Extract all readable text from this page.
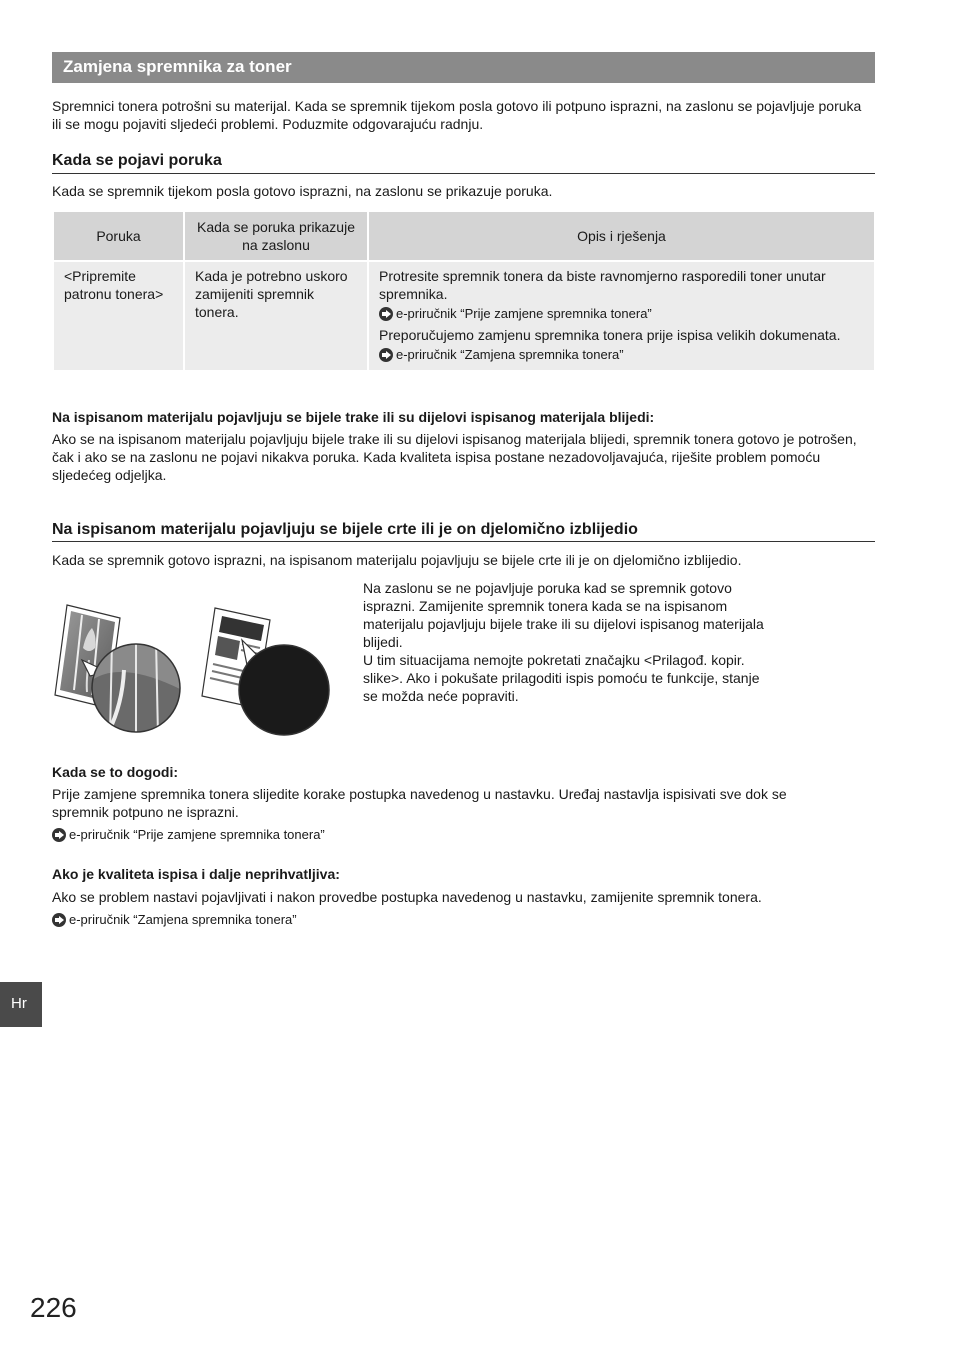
Zamjena spremnika za toner

Spremnici tonera potrošni su materijal. Kada se spremnik tijekom posla gotovo ili potpuno isprazni, na zaslonu se pojavljuje poruka ili se mogu pojaviti sljedeći problemi. Poduzmite odgovarajuću radnju.

Kada se pojavi poruka

Kada se spremnik tijekom posla gotovo isprazni, na zaslonu se prikazuje poruka.

Poruka	Kada se poruka prikazuje na zaslonu	Opis i rješenja

<Pripremite patronu tonera>	Kada je potrebno uskoro zamijeniti spremnik tonera.	Protresite spremnik tonera da biste ravnomjerno rasporedili toner unutar spremnika.
e-priručnik “Prije zamjene spremnika tonera”
Preporučujemo zamjenu spremnika tonera prije ispisa velikih dokumenata.
e-priručnik “Zamjena spremnika tonera”
Na ispisanom materijalu pojavljuju se bijele trake ili su dijelovi ispisanog materijala blijedi:

Ako se na ispisanom materijalu pojavljuju bijele trake ili su dijelovi ispisanog materijala blijedi, spremnik tonera gotovo je potrošen, čak i ako se na zaslonu ne pojavi nikakva poruka. Kada kvaliteta ispisa postane nezadovoljavajuća, riješite problem pomoću sljedećeg odjeljka.

Na ispisanom materijalu pojavljuju se bijele crte ili je on djelomično izblijedio

Kada se spremnik gotovo isprazni, na ispisanom materijalu pojavljuju se bijele crte ili je on djelomično izblijedio.

Na zaslonu se ne pojavljuje poruka kad se spremnik gotovo isprazni. Zamijenite spremnik tonera kada se na ispisanom materijalu pojavljuju bijele trake ili su dijelovi ispisanog materijala blijedi.
U tim situacijama nemojte pokretati značajku <Prilagođ. kopir. slike>. Ako i pokušate prilagoditi ispis pomoću te funkcije, stanje se možda neće popraviti.

Kada se to dogodi:

Prije zamjene spremnika tonera slijedite korake postupka navedenog u nastavku. Uređaj nastavlja ispisivati sve dok se spremnik potpuno ne isprazni.

e-priručnik “Prije zamjene spremnika tonera”
Ako je kvaliteta ispisa i dalje neprihvatljiva:

Ako se problem nastavi pojavljivati i nakon provedbe postupka navedenog u nastavku, zamijenite spremnik tonera.

e-priručnik “Zamjena spremnika tonera”
Hr
226
